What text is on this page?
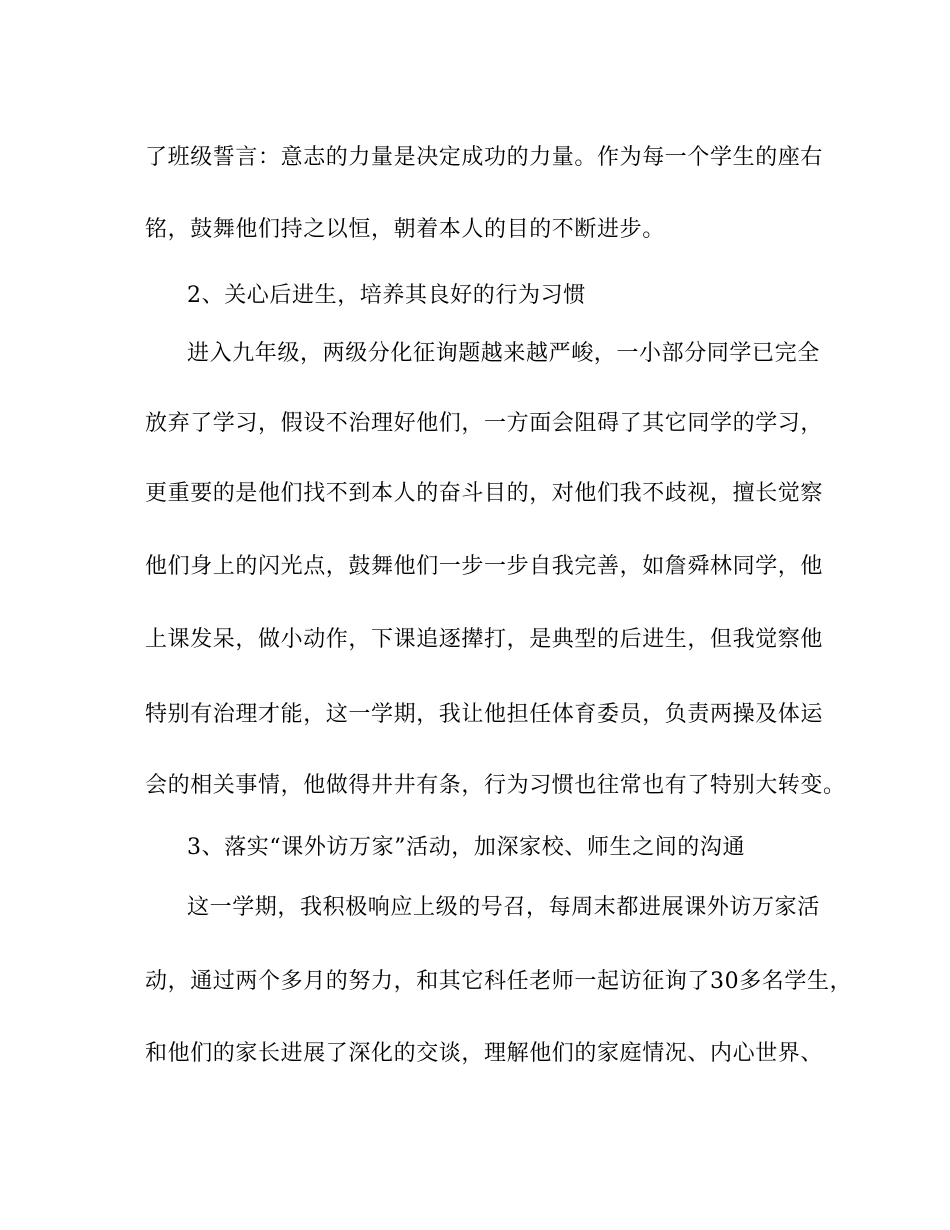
了班级誓言：意志的力量是决定成功的力量。作为每一个学生的座右
铭，鼓舞他们持之以恒，朝着本人的目的不断进步。
2、关心后进生，培养其良好的行为习惯
进入九年级，两级分化征询题越来越严峻，一小部分同学已完全
放弃了学习，假设不治理好他们，一方面会阻碍了其它同学的学习，
更重要的是他们找不到本人的奋斗目的，对他们我不歧视，擅长觉察
他们身上的闪光点，鼓舞他们一步一步自我完善，如詹舜林同学，他
上课发呆，做小动作，下课追逐撵打，是典型的后进生，但我觉察他
特别有治理才能，这一学期，我让他担任体育委员，负责两操及体运
会的相关事情，他做得井井有条，行为习惯也往常也有了特别大转变。
3、落实“课外访万家”活动，加深家校、师生之间的沟通
这一学期，我积极响应上级的号召，每周末都进展课外访万家活
动，通过两个多月的努力，和其它科任老师一起访征询了30多名学生，
和他们的家长进展了深化的交谈，理解他们的家庭情况、内心世界、
